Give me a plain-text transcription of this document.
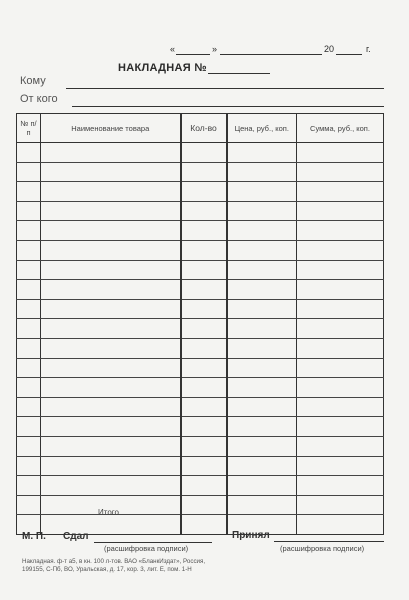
«	»	20	г.
НАКЛАДНАЯ №
Кому
От кого
№ п/п	Наименование товара	Кол-во	Цена, руб., коп.	Сумма, руб., коп.

Итого	. .
М. П. Сдал	Принял
(расшифровка подписи)	(расшифровка подписи)
Накладная. ф-т а5, в кн. 100 л-тов. ВАО «БланкИздат», Россия,
199155, С-Пб, ВО, Уральская, д. 17, кор. 3, лит. Е, пом. 1-Н
